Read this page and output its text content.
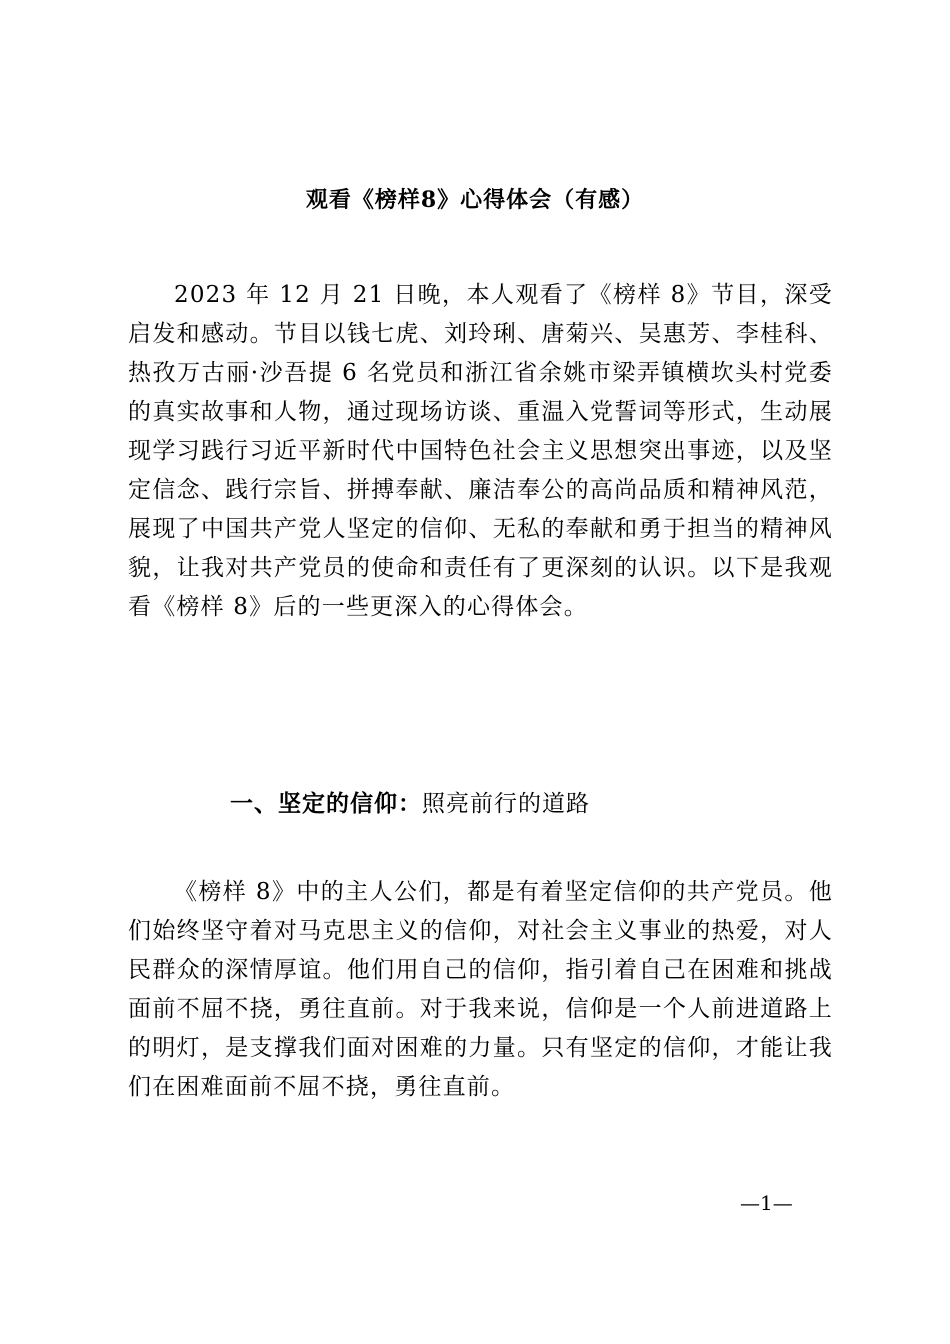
观看《榜样8》心得体会（有感）

2023 年 12 月 21 日晚，本人观看了《榜样 8》节目，深受启发和感动。节目以钱七虎、刘玲琍、唐菊兴、吴惠芳、李桂科、热孜万古丽·沙吾提 6 名党员和浙江省余姚市梁弄镇横坎头村党委的真实故事和人物，通过现场访谈、重温入党誓词等形式，生动展现学习践行习近平新时代中国特色社会主义思想突出事迹，以及坚定信念、践行宗旨、拼搏奉献、廉洁奉公的高尚品质和精神风范，展现了中国共产党人坚定的信仰、无私的奉献和勇于担当的精神风貌，让我对共产党员的使命和责任有了更深刻的认识。以下是我观看《榜样 8》后的一些更深入的心得体会。

一、坚定的信仰：照亮前行的道路

《榜样 8》中的主人公们，都是有着坚定信仰的共产党员。他们始终坚守着对马克思主义的信仰，对社会主义事业的热爱，对人民群众的深情厚谊。他们用自己的信仰，指引着自己在困难和挑战面前不屈不挠，勇往直前。对于我来说，信仰是一个人前进道路上的明灯，是支撑我们面对困难的力量。只有坚定的信仰，才能让我们在困难面前不屈不挠，勇往直前。

—1—
